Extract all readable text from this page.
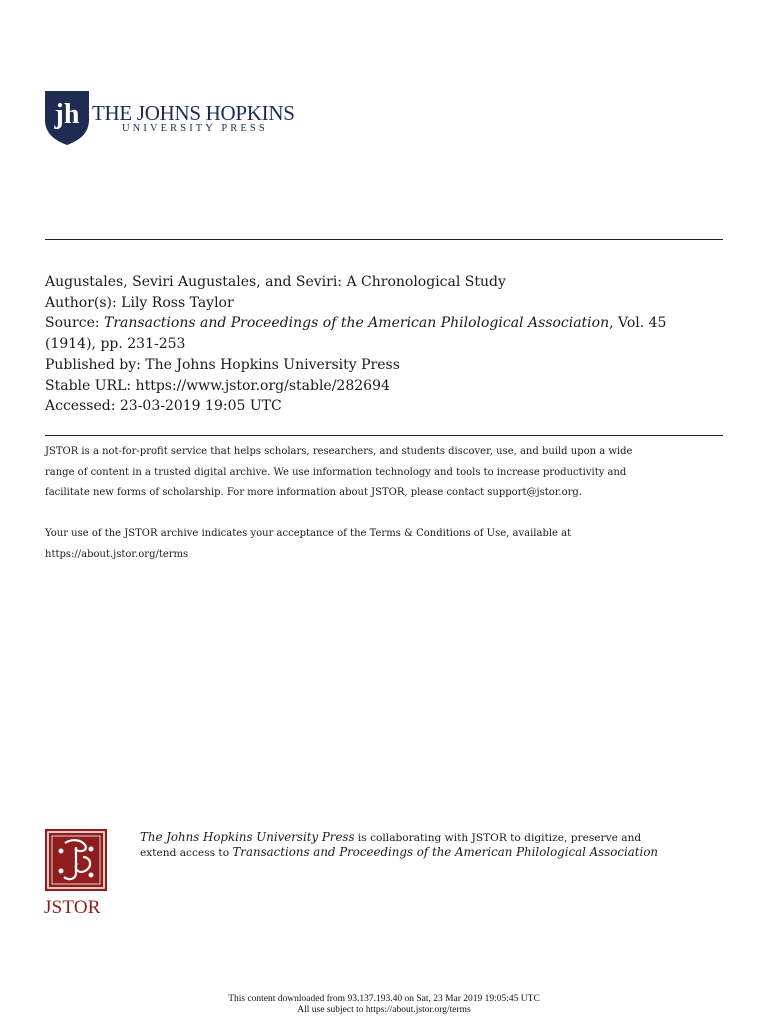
jh THE JOHNS HOPKINS
UNIVERSITY PRESS
Augustales, Seviri Augustales, and Seviri: A Chronological Study
Author(s): Lily Ross Taylor
Source: Transactions and Proceedings of the American Philological Association, Vol. 45
(1914), pp. 231-253
Published by: The Johns Hopkins University Press
Stable URL: https://www.jstor.org/stable/282694
Accessed: 23-03-2019 19:05 UTC
JSTOR is a not-for-profit service that helps scholars, researchers, and students discover, use, and build upon a wide
range of content in a trusted digital archive. We use information technology and tools to increase productivity and
facilitate new forms of scholarship. For more information about JSTOR, please contact support@jstor.org.
Your use of the JSTOR archive indicates your acceptance of the Terms & Conditions of Use, available at
https://about.jstor.org/terms
JSTOR
The Johns Hopkins University Press is collaborating with JSTOR to digitize, preserve and
extend access to Transactions and Proceedings of the American Philological Association
This content downloaded from 93.137.193.40 on Sat, 23 Mar 2019 19:05:45 UTC
All use subject to https://about.jstor.org/terms
